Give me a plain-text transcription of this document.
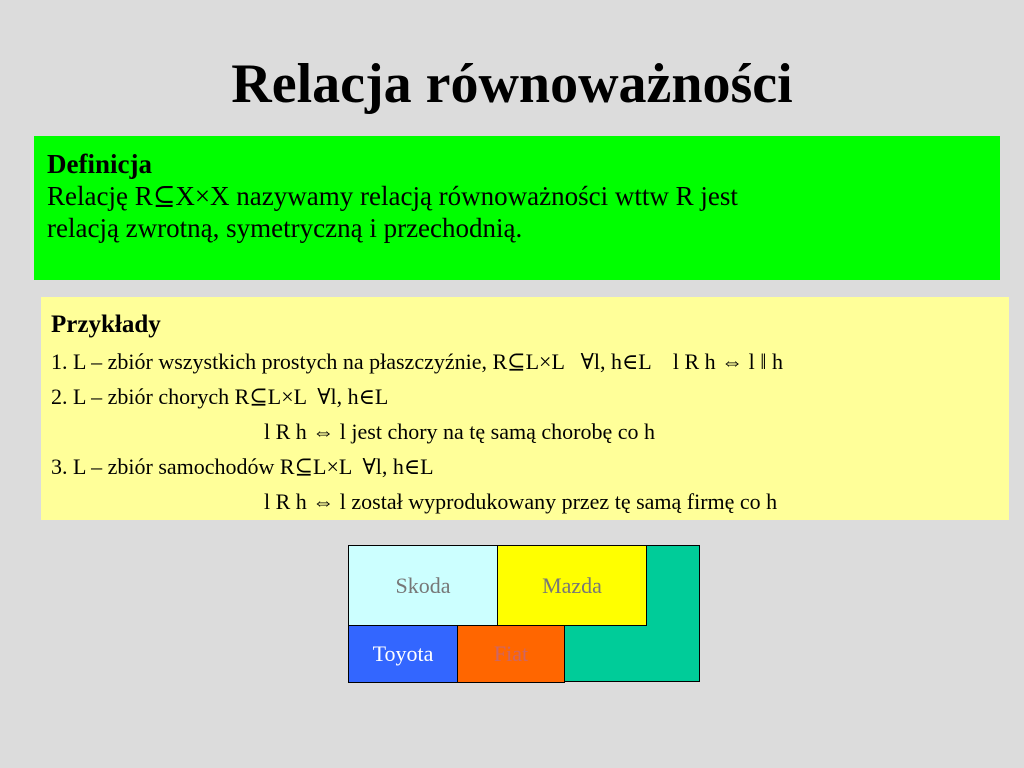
Relacja równoważności
Definicja
Relację R⊆X×X nazywamy relacją równoważności wttw R jest
relacją zwrotną, symetryczną i przechodnią.
Przykłady
1. L – zbiór wszystkich prostych na płaszczyźnie, R⊆L×L   ∀l, h∈L    l R h ⇔ l ǁ h
2. L – zbiór chorych R⊆L×L  ∀l, h∈L
l R h ⇔ l jest chory na tę samą chorobę co h
3. L – zbiór samochodów R⊆L×L  ∀l, h∈L
l R h ⇔ l został wyprodukowany przez tę samą firmę co h
Skoda	Mazda
Toyota	Fiat
